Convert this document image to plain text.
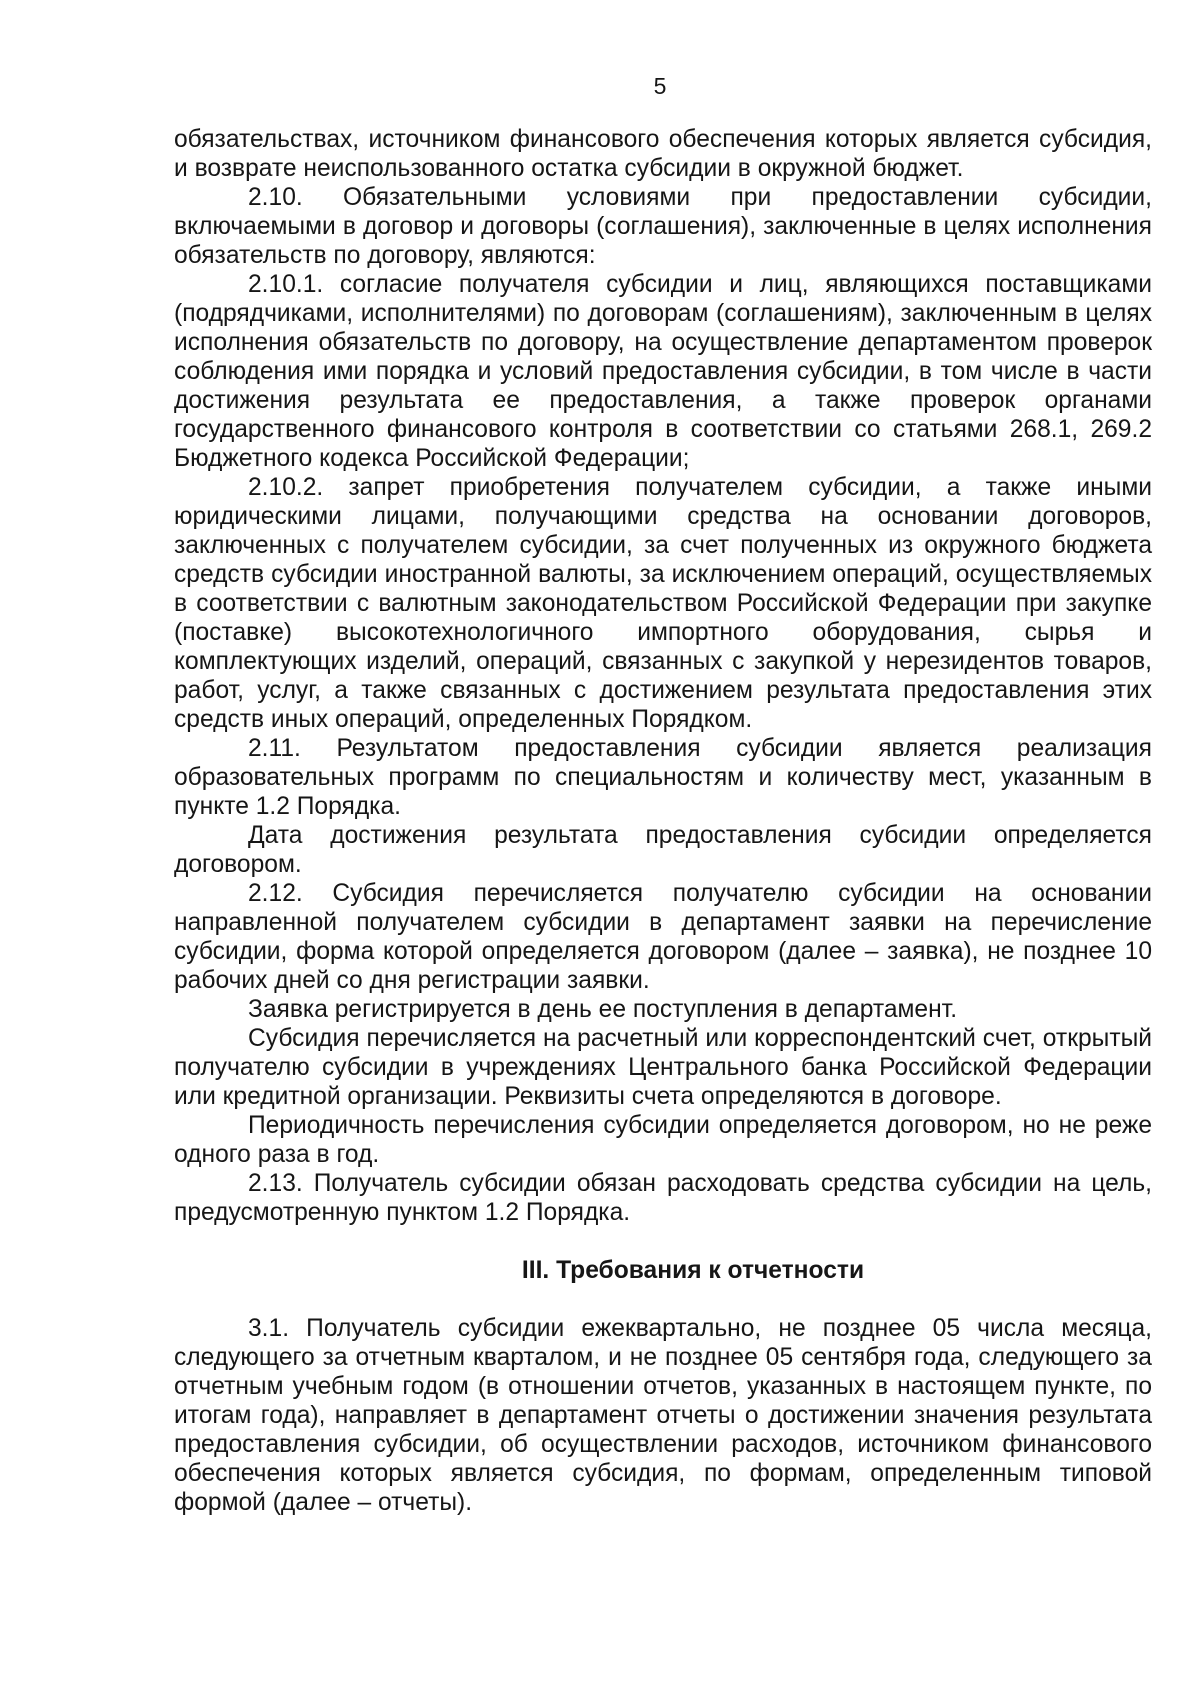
5

обязательствах, источником финансового обеспечения которых является субсидия, и возврате неиспользованного остатка субсидии в окружной бюджет.

2.10. Обязательными условиями при предоставлении субсидии, включаемыми в договор и договоры (соглашения), заключенные в целях исполнения обязательств по договору, являются:

2.10.1. согласие получателя субсидии и лиц, являющихся поставщиками (подрядчиками, исполнителями) по договорам (соглашениям), заключенным в целях исполнения обязательств по договору, на осуществление департаментом проверок соблюдения ими порядка и условий предоставления субсидии, в том числе в части достижения результата ее предоставления, а также проверок органами государственного финансового контроля в соответствии со статьями 268.1, 269.2 Бюджетного кодекса Российской Федерации;

2.10.2. запрет приобретения получателем субсидии, а также иными юридическими лицами, получающими средства на основании договоров, заключенных с получателем субсидии, за счет полученных из окружного бюджета средств субсидии иностранной валюты, за исключением операций, осуществляемых в соответствии с валютным законодательством Российской Федерации при закупке (поставке) высокотехнологичного импортного оборудования, сырья и комплектующих изделий, операций, связанных с закупкой у нерезидентов товаров, работ, услуг, а также связанных с достижением результата предоставления этих средств иных операций, определенных Порядком.

2.11. Результатом предоставления субсидии является реализация образовательных программ по специальностям и количеству мест, указанным в пункте 1.2 Порядка.

Дата достижения результата предоставления субсидии определяется договором.

2.12. Субсидия перечисляется получателю субсидии на основании направленной получателем субсидии в департамент заявки на перечисление субсидии, форма которой определяется договором (далее – заявка), не позднее 10 рабочих дней со дня регистрации заявки.

Заявка регистрируется в день ее поступления в департамент.

Субсидия перечисляется на расчетный или корреспондентский счет, открытый получателю субсидии в учреждениях Центрального банка Российской Федерации или кредитной организации. Реквизиты счета определяются в договоре.

Периодичность перечисления субсидии определяется договором, но не реже одного раза в год.

2.13. Получатель субсидии обязан расходовать средства субсидии на цель, предусмотренную пунктом 1.2 Порядка.

III. Требования к отчетности

3.1. Получатель субсидии ежеквартально, не позднее 05 числа месяца, следующего за отчетным кварталом, и не позднее 05 сентября года, следующего за отчетным учебным годом (в отношении отчетов, указанных в настоящем пункте, по итогам года), направляет в департамент отчеты о достижении значения результата предоставления субсидии, об осуществлении расходов, источником финансового обеспечения которых является субсидия, по формам, определенным типовой формой (далее – отчеты).
